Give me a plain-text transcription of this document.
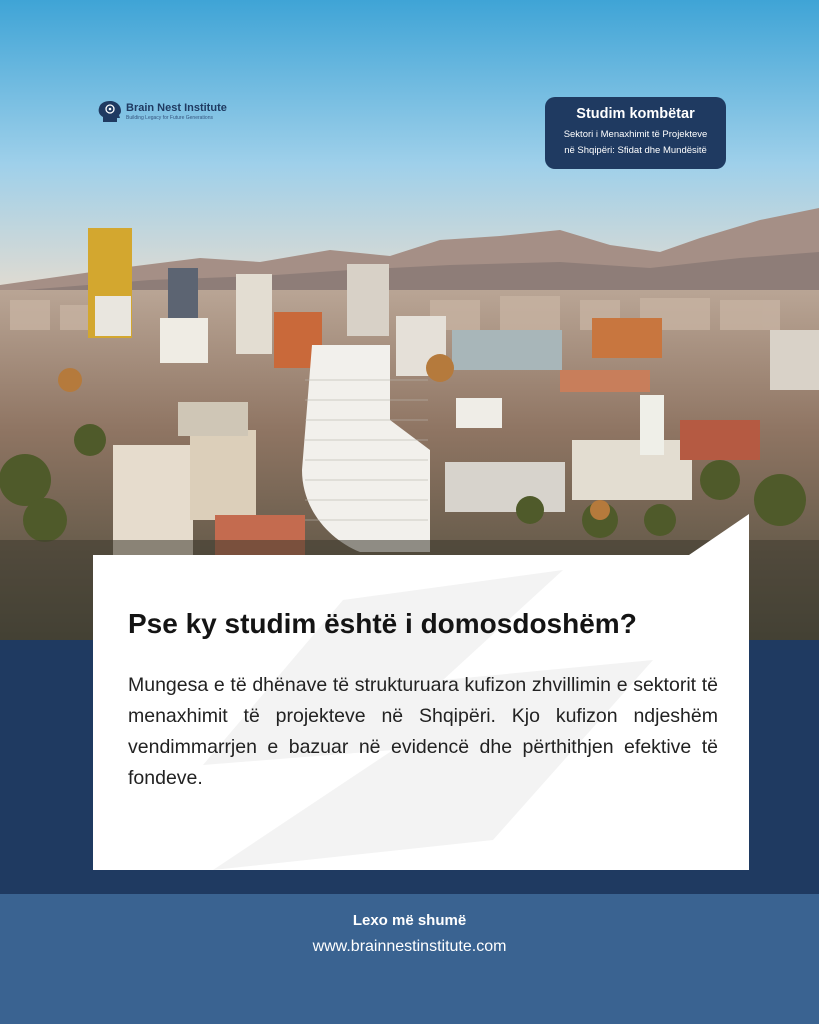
Brain Nest Institute
Building Legacy for Future Generations	Studim kombëtar
Sektori i Menaxhimit të Projekteve
në Shqipëri: Sfidat dhe Mundësitë
Pse ky studim është i domosdoshëm?
Mungesa e të dhënave të strukturuara kufizon zhvillimin e sektorit të menaxhimit të projekteve në Shqipëri. Kjo kufizon ndjeshëm vendimmarrjen e bazuar në evidencë dhe përthithjen efektive të fondeve.
Lexo më shumë
www.brainnestinstitute.com
